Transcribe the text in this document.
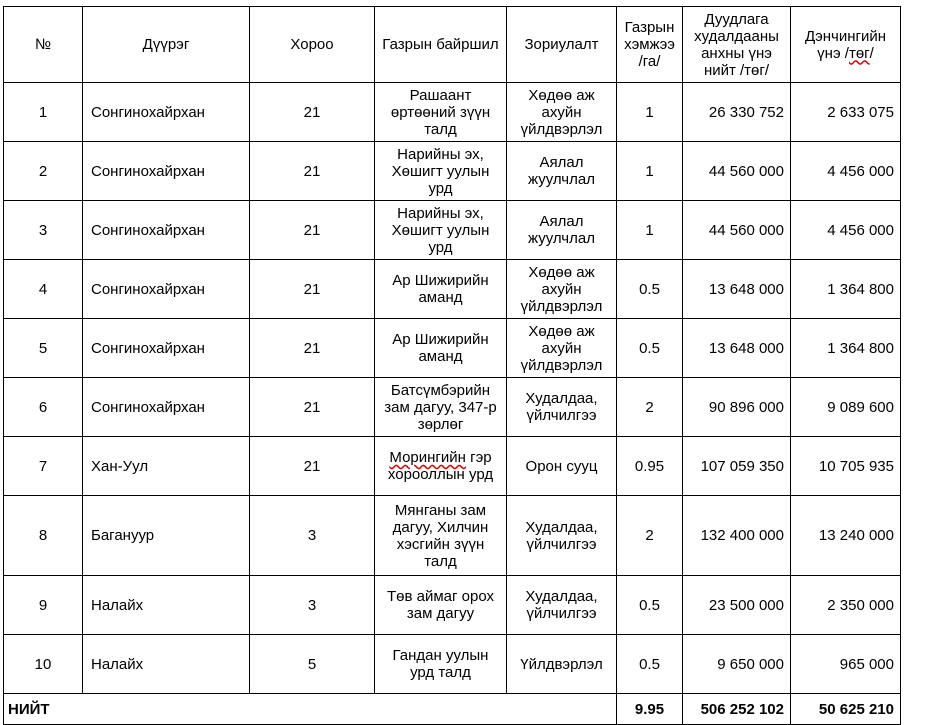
№	Дүүрэг	Хороо	Газрын байршил	Зориулалт	Газрын хэмжээ /га/	Дуудлага худалдааны анхны үнэ нийт /төг/	Дэнчингийн үнэ /төг/
1	Сонгинохайрхан	21	Рашаант өртөөний зүүн талд	Хөдөө аж ахуйн үйлдвэрлэл	1	26 330 752	2 633 075
2	Сонгинохайрхан	21	Нарийны эх, Хөшигт уулын урд	Аялал жуулчлал	1	44 560 000	4 456 000
3	Сонгинохайрхан	21	Нарийны эх, Хөшигт уулын урд	Аялал жуулчлал	1	44 560 000	4 456 000
4	Сонгинохайрхан	21	Ар Шижирийн аманд	Хөдөө аж ахуйн үйлдвэрлэл	0.5	13 648 000	1 364 800
5	Сонгинохайрхан	21	Ар Шижирийн аманд	Хөдөө аж ахуйн үйлдвэрлэл	0.5	13 648 000	1 364 800
6	Сонгинохайрхан	21	Батсүмбэрийн зам дагуу, 347-р зөрлөг	Худалдаа, үйлчилгээ	2	90 896 000	9 089 600
7	Хан-Уул	21	Морингийн гэр хорооллын урд	Орон сууц	0.95	107 059 350	10 705 935
8	Багануур	3	Мянганы зам дагуу, Хилчин хэсгийн зүүн талд	Худалдаа, үйлчилгээ	2	132 400 000	13 240 000
9	Налайх	3	Төв аймаг орох зам дагуу	Худалдаа, үйлчилгээ	0.5	23 500 000	2 350 000
10	Налайх	5	Гандан уулын урд талд	Үйлдвэрлэл	0.5	9 650 000	965 000
НИЙТ					9.95	506 252 102	50 625 210
